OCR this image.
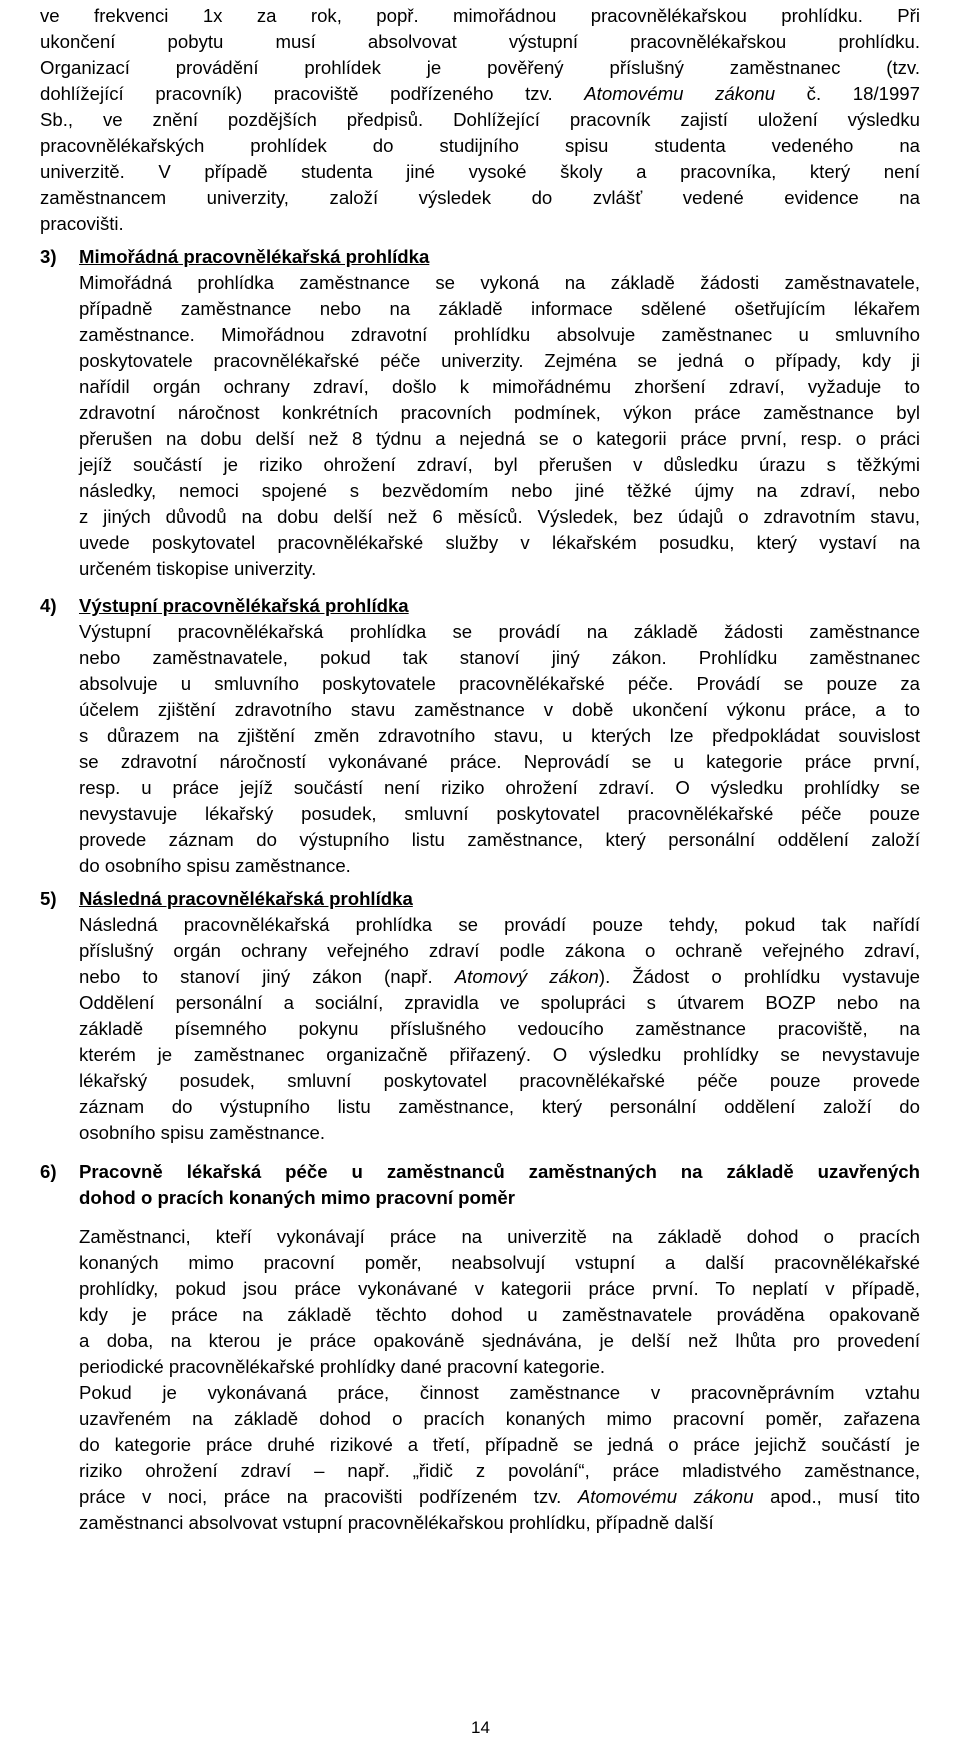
ve frekvenci 1x za rok, popř. mimořádnou pracovnělékařskou prohlídku. Při
ukončení pobytu musí absolvovat výstupní pracovnělékařskou prohlídku.
Organizací provádění prohlídek je pověřený příslušný zaměstnanec (tzv.
dohlížející pracovník) pracoviště podřízeného tzv. Atomovému zákonu č. 18/1997
Sb., ve znění pozdějších předpisů. Dohlížející pracovník zajistí uložení výsledku
pracovnělékařských prohlídek do studijního spisu studenta vedeného na
univerzitě. V případě studenta jiné vysoké školy a pracovníka, který není
zaměstnancem univerzity, založí výsledek do zvlášť vedené evidence na
pracovišti.
3) Mimořádná pracovnělékařská prohlídka
Mimořádná prohlídka zaměstnance se vykoná na základě žádosti zaměstnavatele,
případně zaměstnance nebo na základě informace sdělené ošetřujícím lékařem
zaměstnance. Mimořádnou zdravotní prohlídku absolvuje zaměstnanec u smluvního
poskytovatele pracovnělékařské péče univerzity. Zejména se jedná o případy, kdy ji
nařídil orgán ochrany zdraví, došlo k mimořádnému zhoršení zdraví, vyžaduje to
zdravotní náročnost konkrétních pracovních podmínek, výkon práce zaměstnance byl
přerušen na dobu delší než 8 týdnu a nejedná se o kategorii práce první, resp. o práci
jejíž součástí je riziko ohrožení zdraví, byl přerušen v důsledku úrazu s těžkými
následky, nemoci spojené s bezvědomím nebo jiné těžké újmy na zdraví, nebo
z jiných důvodů na dobu delší než 6 měsíců. Výsledek, bez údajů o zdravotním stavu,
uvede poskytovatel pracovnělékařské služby v lékařském posudku, který vystaví na
určeném tiskopise univerzity.
4) Výstupní pracovnělékařská prohlídka
Výstupní pracovnělékařská prohlídka se provádí na základě žádosti zaměstnance
nebo zaměstnavatele, pokud tak stanoví jiný zákon. Prohlídku zaměstnanec
absolvuje u smluvního poskytovatele pracovnělékařské péče. Provádí se pouze za
účelem zjištění zdravotního stavu zaměstnance v době ukončení výkonu práce, a to
s důrazem na zjištění změn zdravotního stavu, u kterých lze předpokládat souvislost
se zdravotní náročností vykonávané práce. Neprovádí se u kategorie práce první,
resp. u práce jejíž součástí není riziko ohrožení zdraví. O výsledku prohlídky se
nevystavuje lékařský posudek, smluvní poskytovatel pracovnělékařské péče pouze
provede záznam do výstupního listu zaměstnance, který personální oddělení založí
do osobního spisu zaměstnance.
5) Následná pracovnělékařská prohlídka
Následná pracovnělékařská prohlídka se provádí pouze tehdy, pokud tak nařídí
příslušný orgán ochrany veřejného zdraví podle zákona o ochraně veřejného zdraví,
nebo to stanoví jiný zákon (např. Atomový zákon). Žádost o prohlídku vystavuje
Oddělení personální a sociální, zpravidla ve spolupráci s útvarem BOZP nebo na
základě písemného pokynu příslušného vedoucího zaměstnance pracoviště, na
kterém je zaměstnanec organizačně přiřazený. O výsledku prohlídky se nevystavuje
lékařský posudek, smluvní poskytovatel pracovnělékařské péče pouze provede
záznam do výstupního listu zaměstnance, který personální oddělení založí do
osobního spisu zaměstnance.
6) Pracovně lékařská péče u zaměstnanců zaměstnaných na základě uzavřených
dohod o pracích konaných mimo pracovní poměr
Zaměstnanci, kteří vykonávají práce na univerzitě na základě dohod o pracích
konaných mimo pracovní poměr, neabsolvují vstupní a další pracovnělékařské
prohlídky, pokud jsou práce vykonávané v kategorii práce první. To neplatí v případě,
kdy je práce na základě těchto dohod u zaměstnavatele prováděna opakovaně
a doba, na kterou je práce opakováně sjednávána, je delší než lhůta pro provedení
periodické pracovnělékařské prohlídky dané pracovní kategorie.
Pokud je vykonávaná práce, činnost zaměstnance v pracovněprávním vztahu
uzavřeném na základě dohod o pracích konaných mimo pracovní poměr, zařazena
do kategorie práce druhé rizikové a třetí, případně se jedná o práce jejichž součástí je
riziko ohrožení zdraví – např. „řidič z povolání“, práce mladistvého zaměstnance,
práce v noci, práce na pracovišti podřízeném tzv. Atomovému zákonu apod., musí tito
zaměstnanci absolvovat vstupní pracovnělékařskou prohlídku, případně další
14
